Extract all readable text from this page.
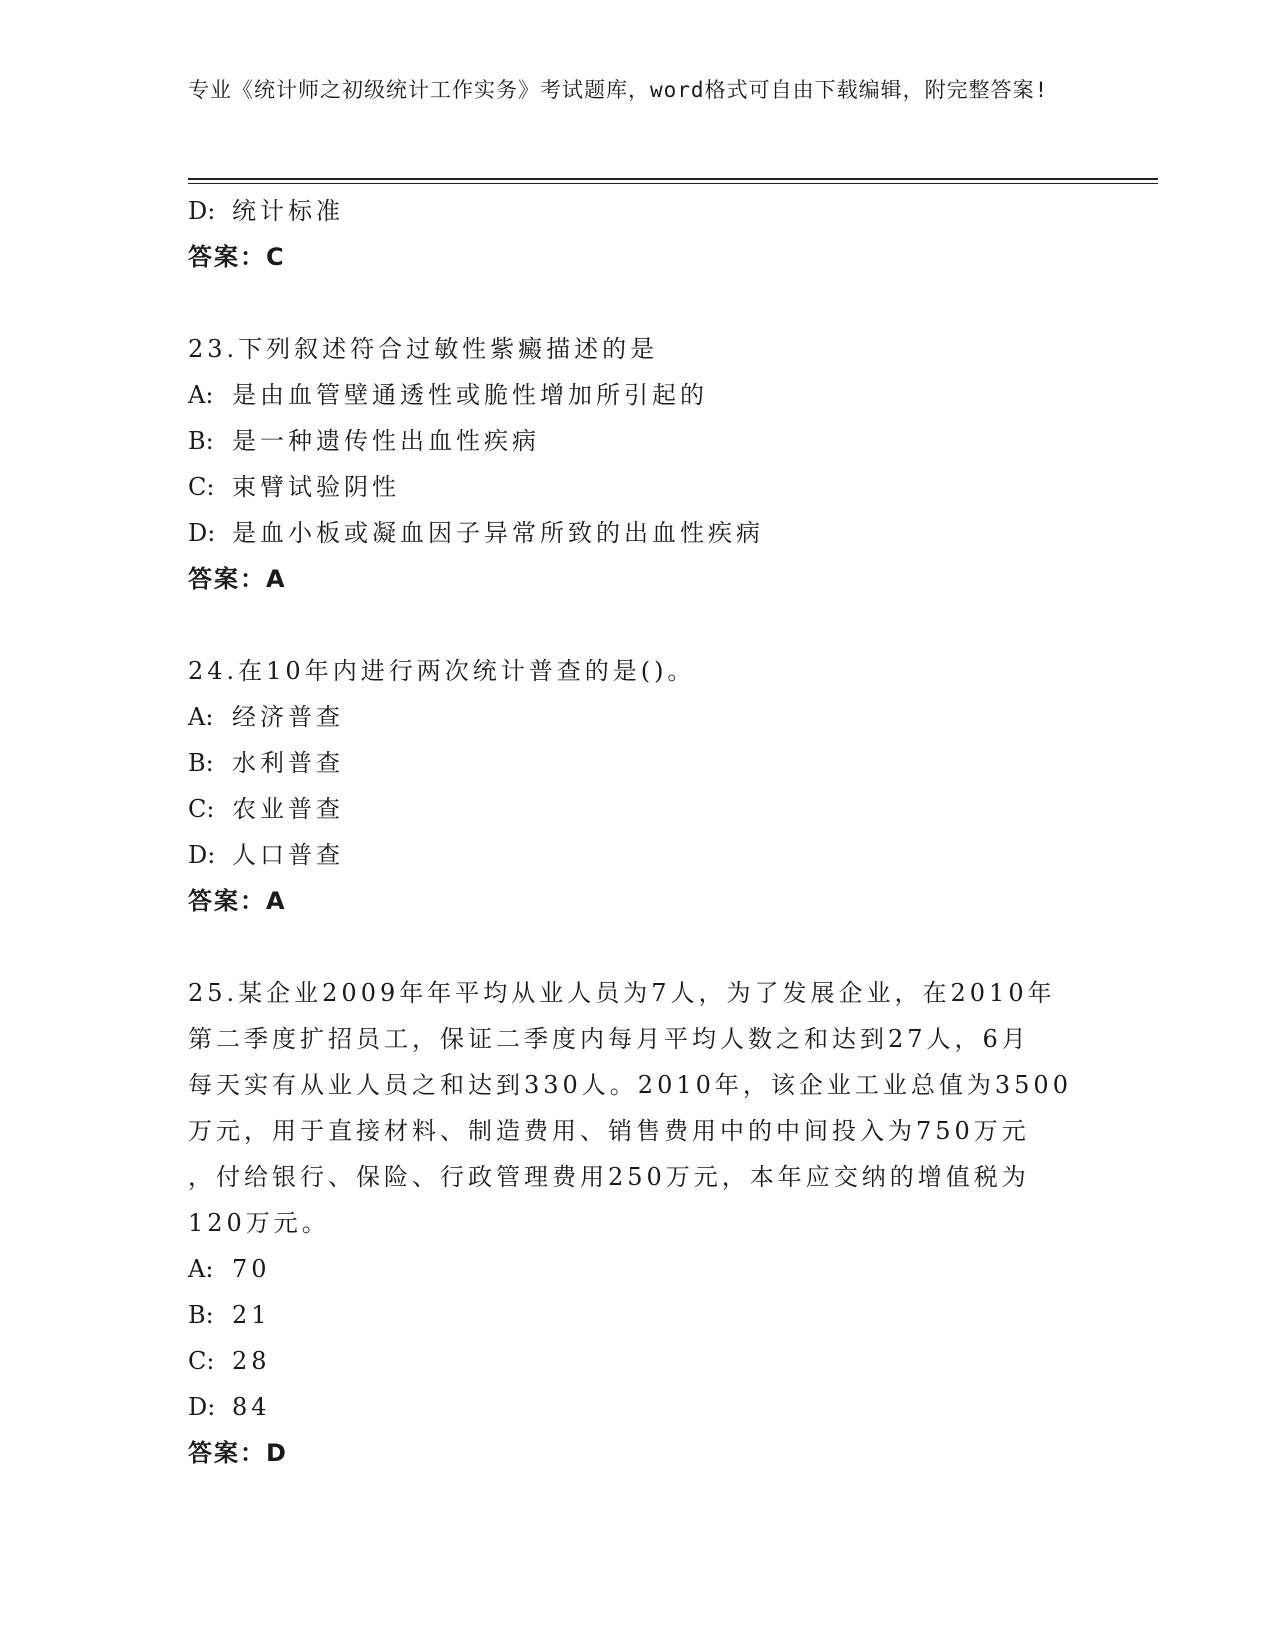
专业《统计师之初级统计工作实务》考试题库，word格式可自由下载编辑，附完整答案!
D: 统计标准
答案：C
23.下列叙述符合过敏性紫癜描述的是
A: 是由血管壁通透性或脆性增加所引起的
B: 是一种遗传性出血性疾病
C: 束臂试验阴性
D: 是血小板或凝血因子异常所致的出血性疾病
答案：A
24.在10年内进行两次统计普查的是()。
A: 经济普查
B: 水利普查
C: 农业普查
D: 人口普查
答案：A
25.某企业2009年年平均从业人员为7人，为了发展企业，在2010年
第二季度扩招员工，保证二季度内每月平均人数之和达到27人，6月
每天实有从业人员之和达到330人。2010年，该企业工业总值为3500
万元，用于直接材料、制造费用、销售费用中的中间投入为750万元
，付给银行、保险、行政管理费用250万元，本年应交纳的增值税为
120万元。
A: 70
B: 21
C: 28
D: 84
答案：D
